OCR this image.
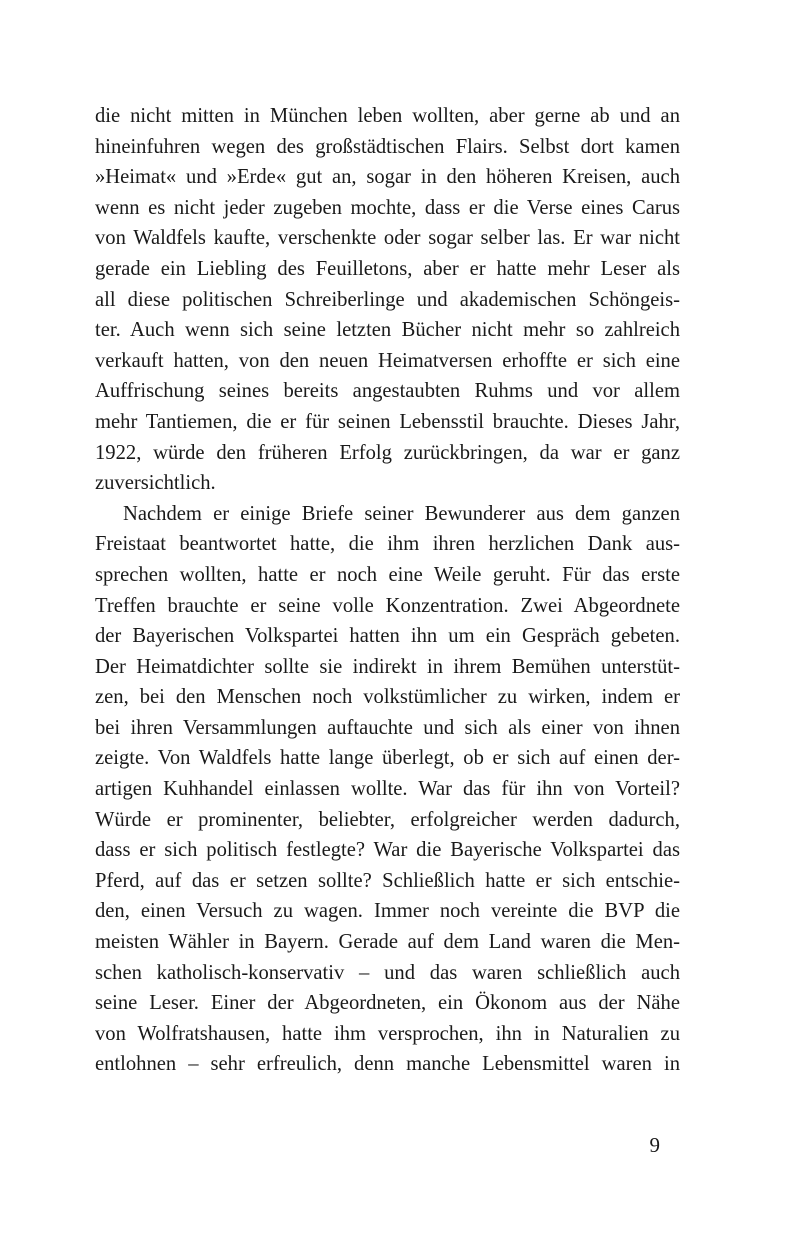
die nicht mitten in München leben wollten, aber gerne ab und an
hineinfuhren wegen des großstädtischen Flairs. Selbst dort kamen
»Heimat« und »Erde« gut an, sogar in den höheren Kreisen, auch
wenn es nicht jeder zugeben mochte, dass er die Verse eines Carus
von Waldfels kaufte, verschenkte oder sogar selber las. Er war nicht
gerade ein Liebling des Feuilletons, aber er hatte mehr Leser als
all diese politischen Schreiberlinge und akademischen Schöngeis-
ter. Auch wenn sich seine letzten Bücher nicht mehr so zahlreich
verkauft hatten, von den neuen Heimatversen erhoffte er sich eine
Auffrischung seines bereits angestaubten Ruhms und vor allem
mehr Tantiemen, die er für seinen Lebensstil brauchte. Dieses Jahr,
1922, würde den früheren Erfolg zurückbringen, da war er ganz
zuversichtlich.
Nachdem er einige Briefe seiner Bewunderer aus dem ganzen
Freistaat beantwortet hatte, die ihm ihren herzlichen Dank aus-
sprechen wollten, hatte er noch eine Weile geruht. Für das erste
Treffen brauchte er seine volle Konzentration. Zwei Abgeordnete
der Bayerischen Volkspartei hatten ihn um ein Gespräch gebeten.
Der Heimatdichter sollte sie indirekt in ihrem Bemühen unterstüt-
zen, bei den Menschen noch volkstümlicher zu wirken, indem er
bei ihren Versammlungen auftauchte und sich als einer von ihnen
zeigte. Von Waldfels hatte lange überlegt, ob er sich auf einen der-
artigen Kuhhandel einlassen wollte. War das für ihn von Vorteil?
Würde er prominenter, beliebter, erfolgreicher werden dadurch,
dass er sich politisch festlegte? War die Bayerische Volkspartei das
Pferd, auf das er setzen sollte? Schließlich hatte er sich entschie-
den, einen Versuch zu wagen. Immer noch vereinte die BVP die
meisten Wähler in Bayern. Gerade auf dem Land waren die Men-
schen katholisch-konservativ – und das waren schließlich auch
seine Leser. Einer der Abgeordneten, ein Ökonom aus der Nähe
von Wolfratshausen, hatte ihm versprochen, ihn in Naturalien zu
entlohnen – sehr erfreulich, denn manche Lebensmittel waren in
9
